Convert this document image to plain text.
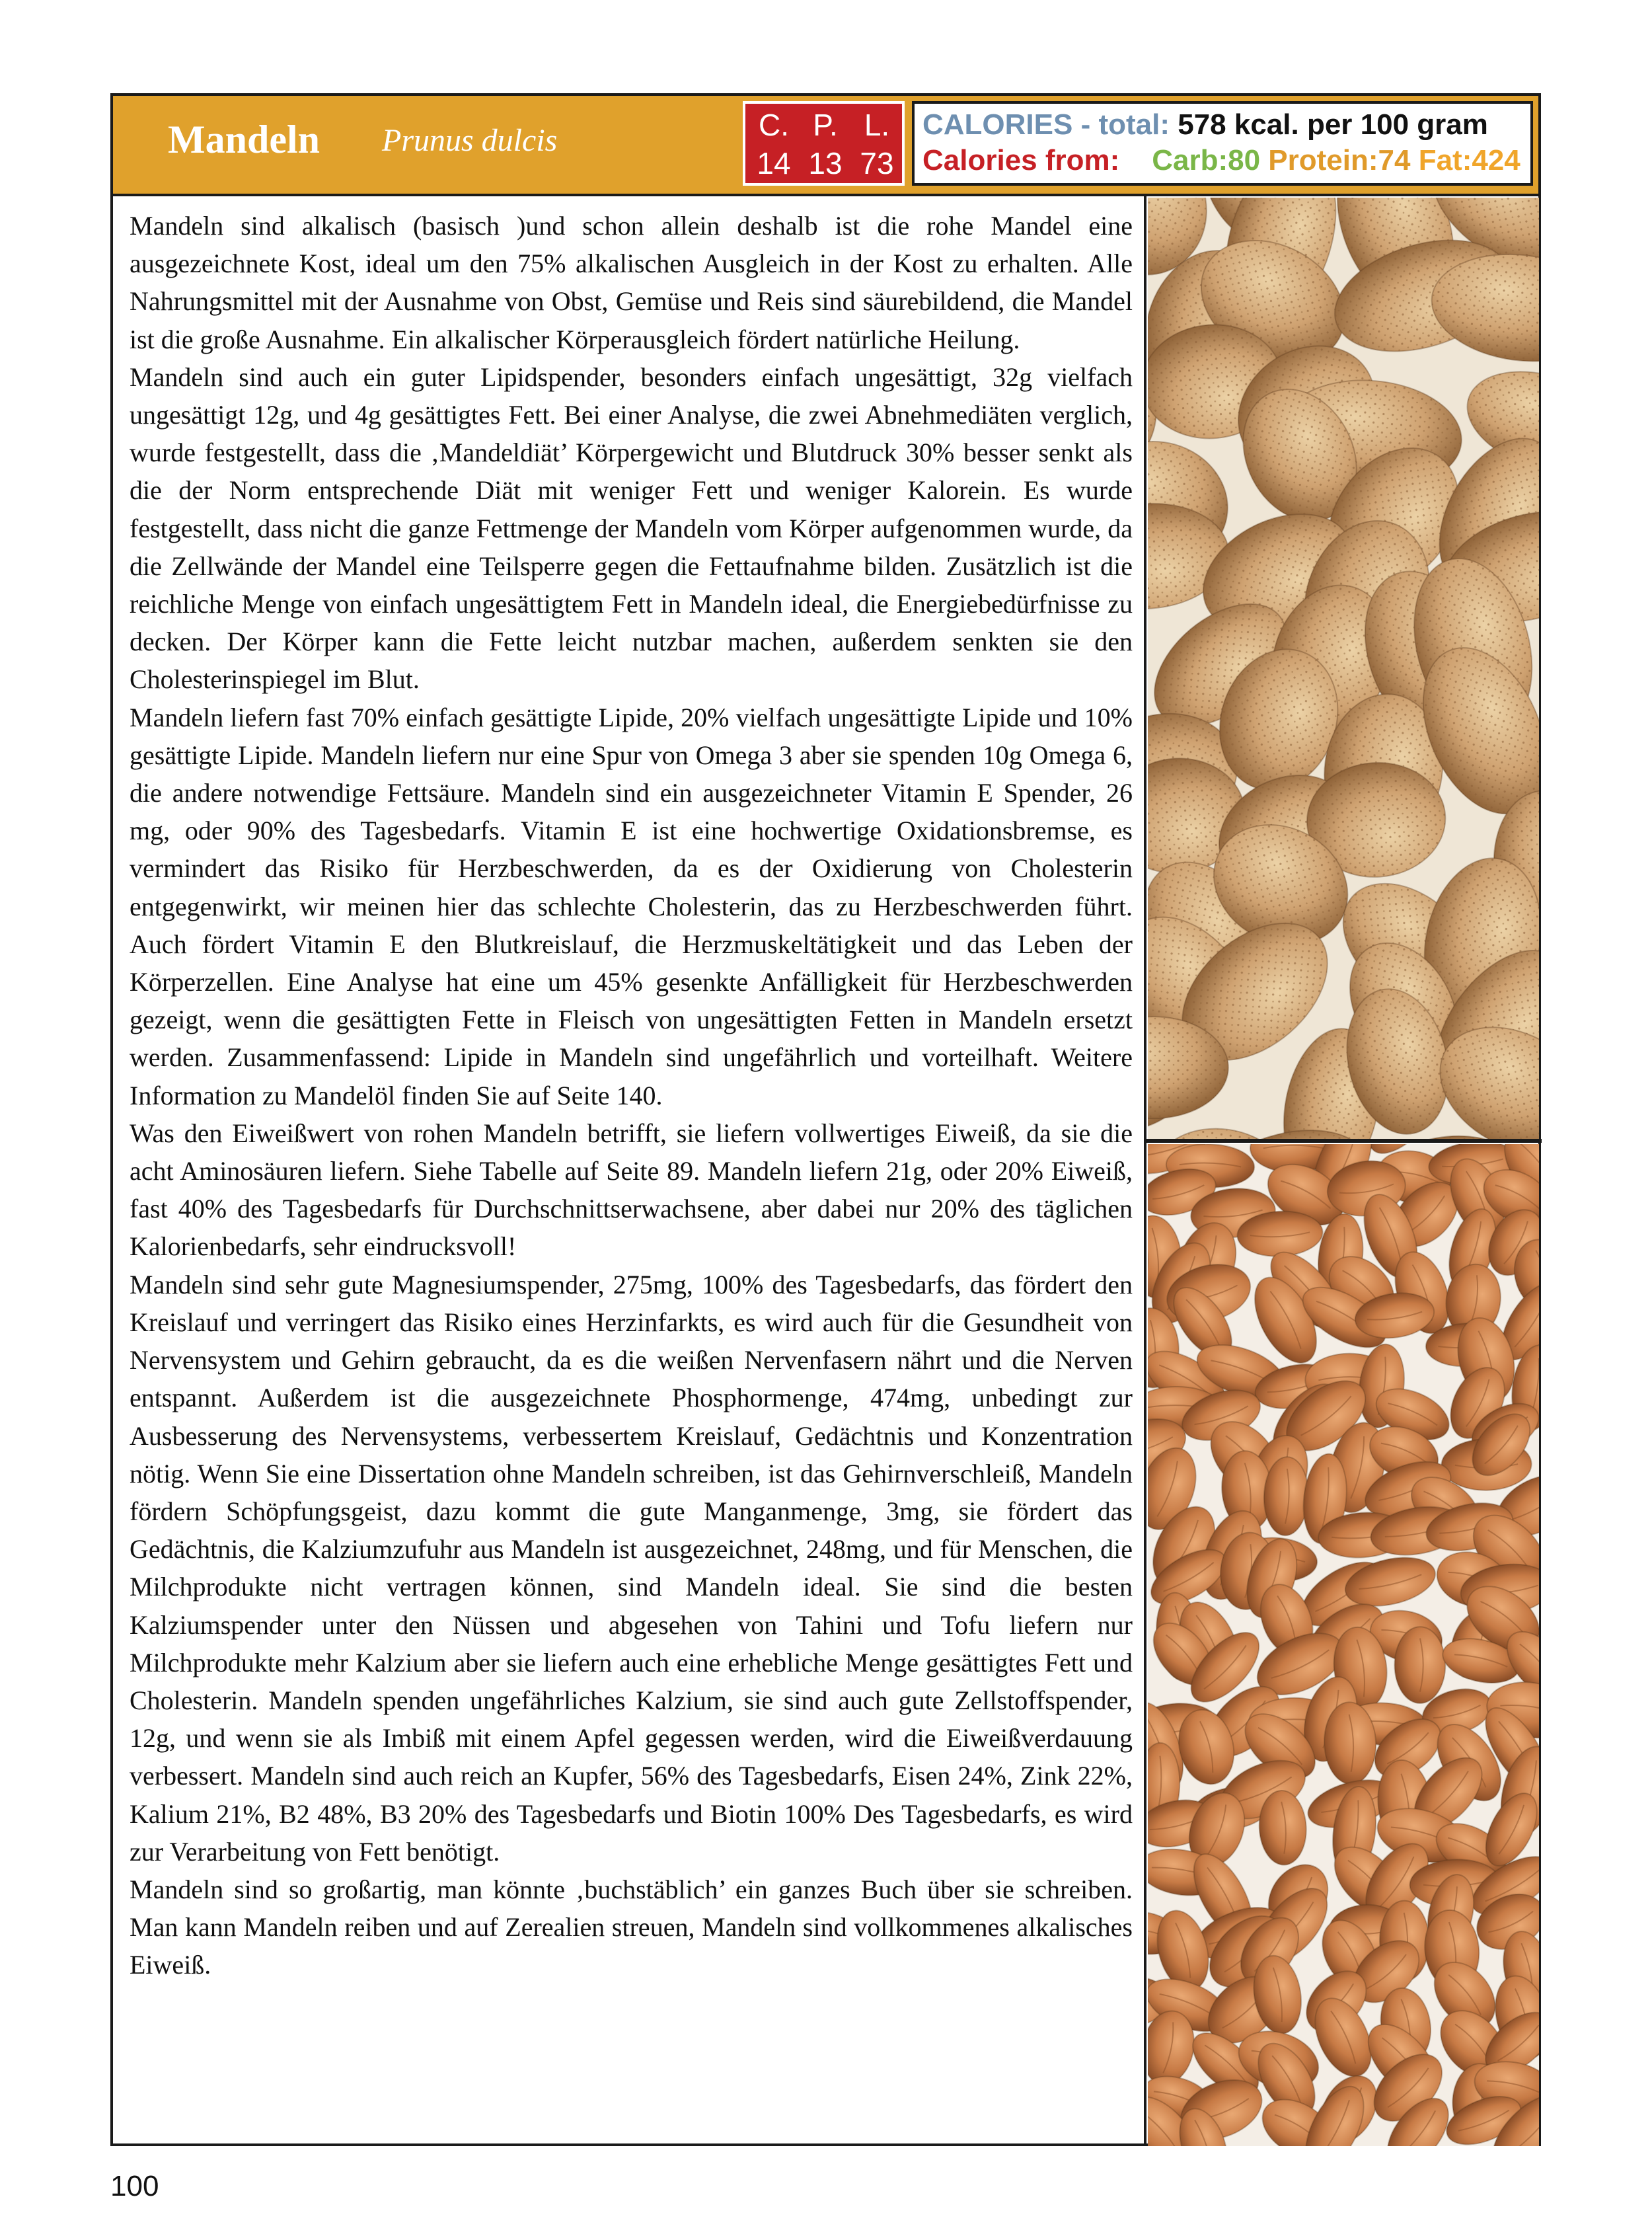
Mandeln Prunus dulcis	C. P. L.
14 13 73
CALORIES - total: 578 kcal. per 100 gram
Calories from: Carb:80 Protein:74 Fat:424

Mandeln sind alkalisch (basisch )und schon allein deshalb ist die rohe Mandel eine ausgezeichnete Kost, ideal um den 75% alkalischen Ausgleich in der Kost zu erhalten. Alle Nahrungsmittel mit der Ausnahme von Obst, Gemüse und Reis sind säurebildend, die Mandel ist die große Ausnahme. Ein alkalischer Körperausgleich fördert natürliche Heilung.

Mandeln sind auch ein guter Lipidspender, besonders einfach ungesättigt, 32g vielfach ungesättigt 12g, und 4g gesättigtes Fett. Bei einer Analyse, die zwei Abnehmediäten verglich, wurde festgestellt, dass die ‚Mandeldiät’ Körpergewicht und Blutdruck 30% besser senkt als die der Norm entsprechende Diät mit weniger Fett und weniger Kalorein. Es wurde festgestellt, dass nicht die ganze Fettmenge der Mandeln vom Körper aufgenommen wurde, da die Zellwände der Mandel eine Teilsperre gegen die Fettaufnahme bilden. Zusätzlich ist die reichliche Menge von einfach ungesättigtem Fett in Mandeln ideal, die Energiebedürfnisse zu decken. Der Körper kann die Fette leicht nutzbar machen, außerdem senkten sie den Cholesterinspiegel im Blut.

Mandeln liefern fast 70% einfach gesättigte Lipide, 20% vielfach ungesättigte Lipide und 10% gesättigte Lipide. Mandeln liefern nur eine Spur von Omega 3 aber sie spenden 10g Omega 6, die andere notwendige Fettsäure. Mandeln sind ein ausgezeichneter Vitamin E Spender, 26 mg, oder 90% des Tagesbedarfs. Vitamin E ist eine hochwertige Oxidationsbremse, es vermindert das Risiko für Herzbeschwerden, da es der Oxidierung von Cholesterin entgegenwirkt, wir meinen hier das schlechte Cholesterin, das zu Herzbeschwerden führt. Auch fördert Vitamin E den Blutkreislauf, die Herzmuskeltätigkeit und das Leben der Körperzellen. Eine Analyse hat eine um 45% gesenkte Anfälligkeit für Herzbeschwerden gezeigt, wenn die gesättigten Fette in Fleisch von ungesättigten Fetten in Mandeln ersetzt werden. Zusammenfassend: Lipide in Mandeln sind ungefährlich und vorteilhaft. Weitere Information zu Mandelöl finden Sie auf Seite 140.

Was den Eiweißwert von rohen Mandeln betrifft, sie liefern vollwertiges Eiweiß, da sie die acht Aminosäuren liefern. Siehe Tabelle auf Seite 89. Mandeln liefern 21g, oder 20% Eiweiß, fast 40% des Tagesbedarfs für Durchschnittserwachsene, aber dabei nur 20% des täglichen Kalorienbedarfs, sehr eindrucksvoll!

Mandeln sind sehr gute Magnesiumspender, 275mg, 100% des Tagesbedarfs, das fördert den Kreislauf und verringert das Risiko eines Herzinfarkts, es wird auch für die Gesundheit von Nervensystem und Gehirn gebraucht, da es die weißen Nervenfasern nährt und die Nerven entspannt. Außerdem ist die ausgezeichnete Phosphormenge, 474mg, unbedingt zur Ausbesserung des Nervensystems, verbessertem Kreislauf, Gedächtnis und Konzentration nötig. Wenn Sie eine Dissertation ohne Mandeln schreiben, ist das Gehirnverschleiß, Mandeln fördern Schöpfungsgeist, dazu kommt die gute Manganmenge, 3mg, sie fördert das Gedächtnis, die Kalziumzufuhr aus Mandeln ist ausgezeichnet, 248mg, und für Menschen, die Milchprodukte nicht vertragen können, sind Mandeln ideal. Sie sind die besten Kalziumspender unter den Nüssen und abgesehen von Tahini und Tofu liefern nur Milchprodukte mehr Kalzium aber sie liefern auch eine erhebliche Menge gesättigtes Fett und Cholesterin. Mandeln spenden ungefährliches Kalzium, sie sind auch gute Zellstoffspender, 12g, und wenn sie als Imbiß mit einem Apfel gegessen werden, wird die Eiweißverdauung verbessert. Mandeln sind auch reich an Kupfer, 56% des Tagesbedarfs, Eisen 24%, Zink 22%, Kalium 21%, B2 48%, B3 20% des Tagesbedarfs und Biotin 100% Des Tagesbedarfs, es wird zur Verarbeitung von Fett benötigt.

Mandeln sind so großartig, man könnte ‚buchstäblich’ ein ganzes Buch über sie schreiben. Man kann Mandeln reiben und auf Zerealien streuen, Mandeln sind vollkommenes alkalisches Eiweiß.

100
